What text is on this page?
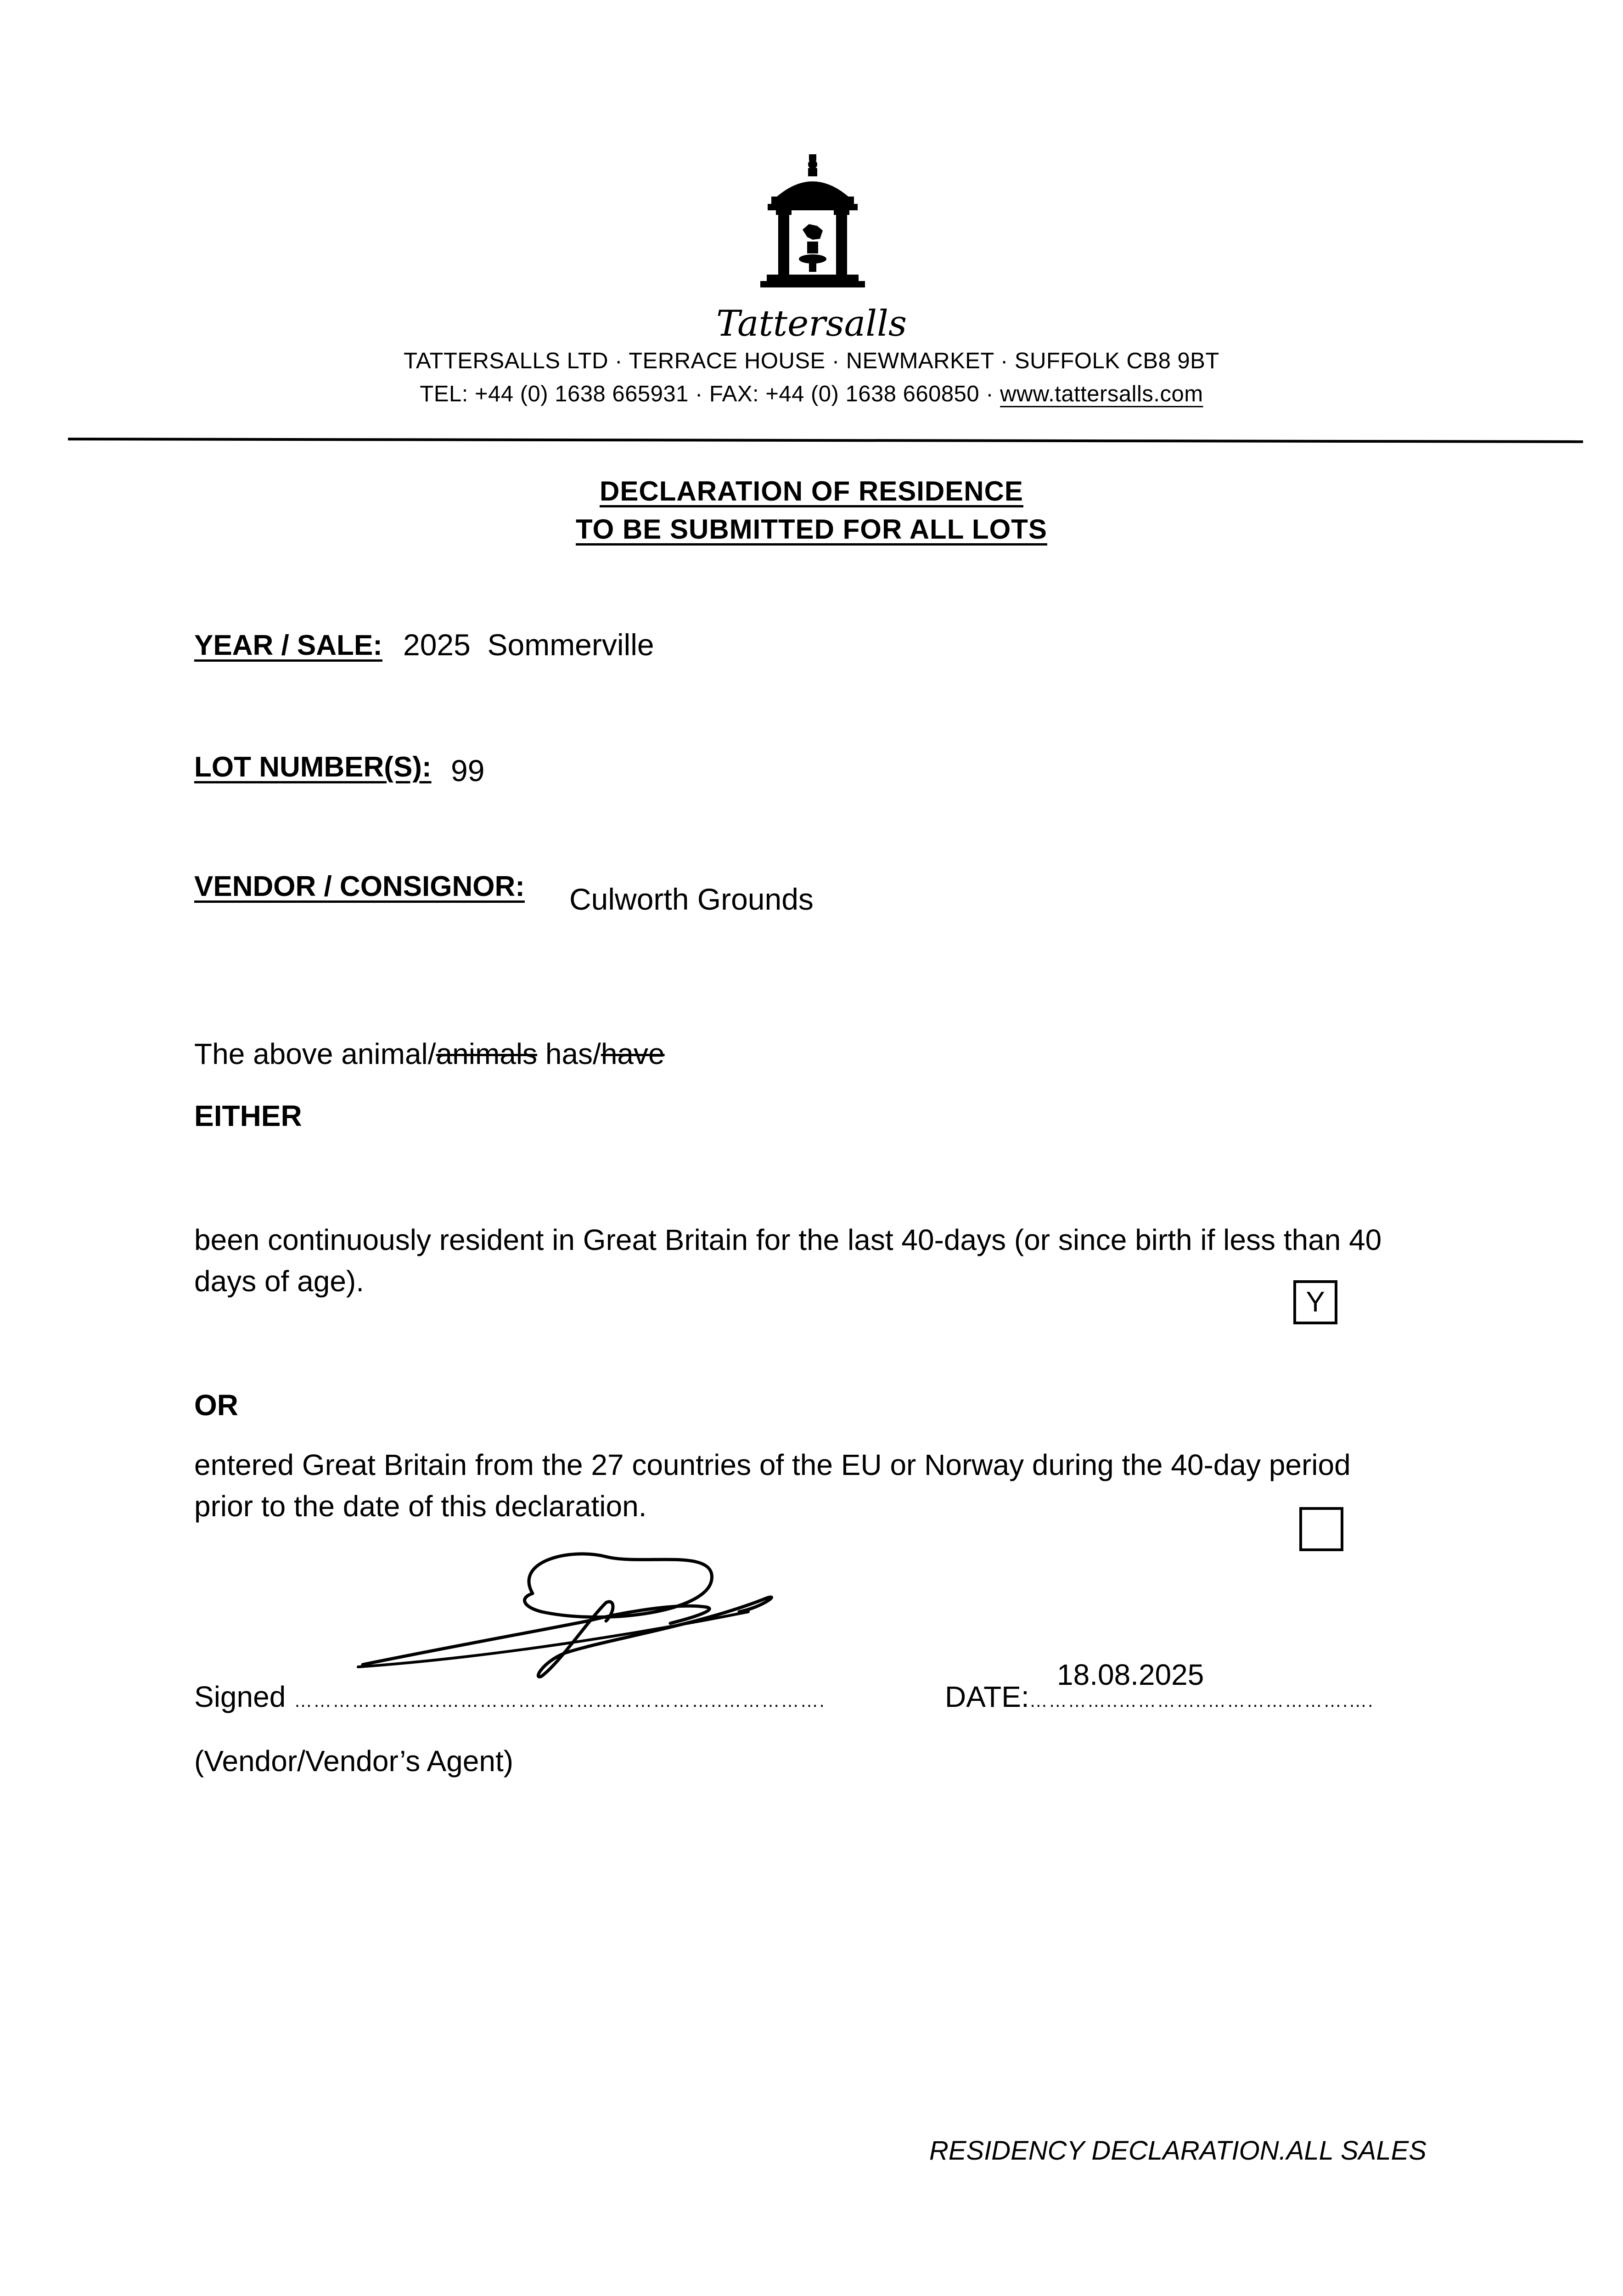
Tattersalls
TATTERSALLS LTD · TERRACE HOUSE · NEWMARKET · SUFFOLK CB8 9BT
TEL: +44 (0) 1638 665931 · FAX: +44 (0) 1638 660850 · www.tattersalls.com
DECLARATION OF RESIDENCE
TO BE SUBMITTED FOR ALL LOTS
YEAR / SALE: 2025  Sommerville
LOT NUMBER(S): 99
VENDOR / CONSIGNOR: Culworth Grounds
The above animal/animals has/have
EITHER
been continuously resident in Great Britain for the last 40-days (or since birth if less than 40
days of age).
Y
OR
entered Great Britain from the 27 countries of the EU or Norway during the 40-day period
prior to the date of this declaration.
Signed …………………..……………………………………..…………….
18.08.2025
DATE:…………..…………..………………….….
(Vendor/Vendor’s Agent)
RESIDENCY DECLARATION.ALL SALES
